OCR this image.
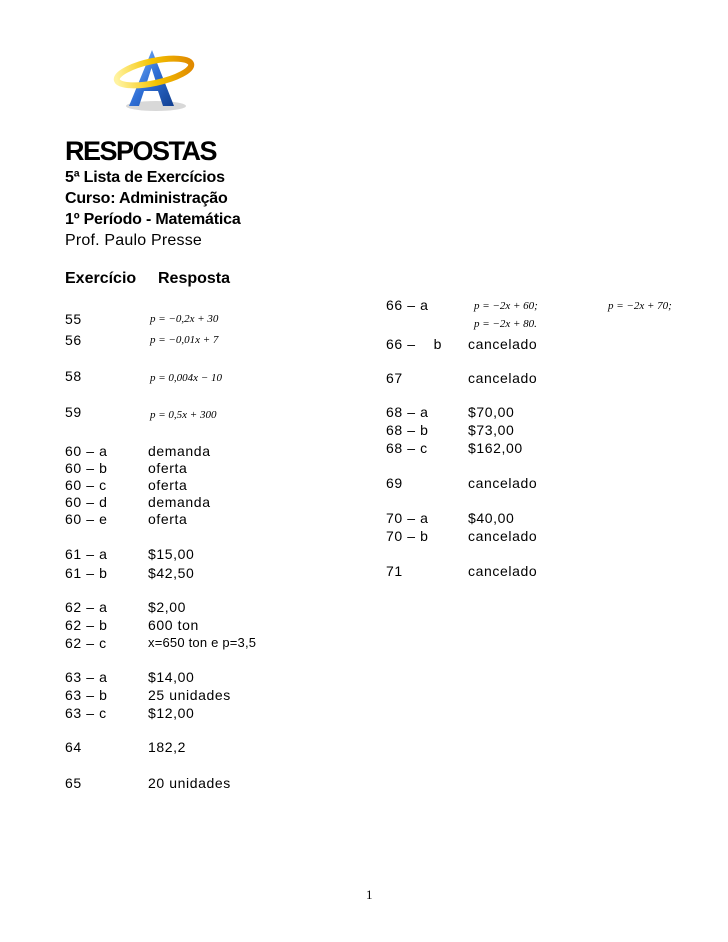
RESPOSTAS
5ª Lista de Exercícios
Curso: Administração
1º Período - Matemática
Prof. Paulo Presse
Exercício Resposta
55	p = −0,2x + 30
56	p = −0,01x + 7
58	p = 0,004x − 10
59	p = 0,5x + 300
60 – a	demanda
60 – b	oferta
60 – c	oferta
60 – d	demanda
60 – e	oferta
61 – a	$15,00
61 – b	$42,50
62 – a	$2,00
62 – b	600 ton
62 – c	x=650 ton e p=3,5
63 – a	$14,00
63 – b	25 unidades
63 – c	$12,00
64	182,2
65	20 unidades
66 – a	p = −2x + 60;	p = −2x + 70;
p = −2x + 80.
66 –    b cancelado
67	cancelado
68 – a	$70,00
68 – b	$73,00
68 – c	$162,00
69	cancelado
70 – a	$40,00
70 – b	cancelado
71	cancelado
1
